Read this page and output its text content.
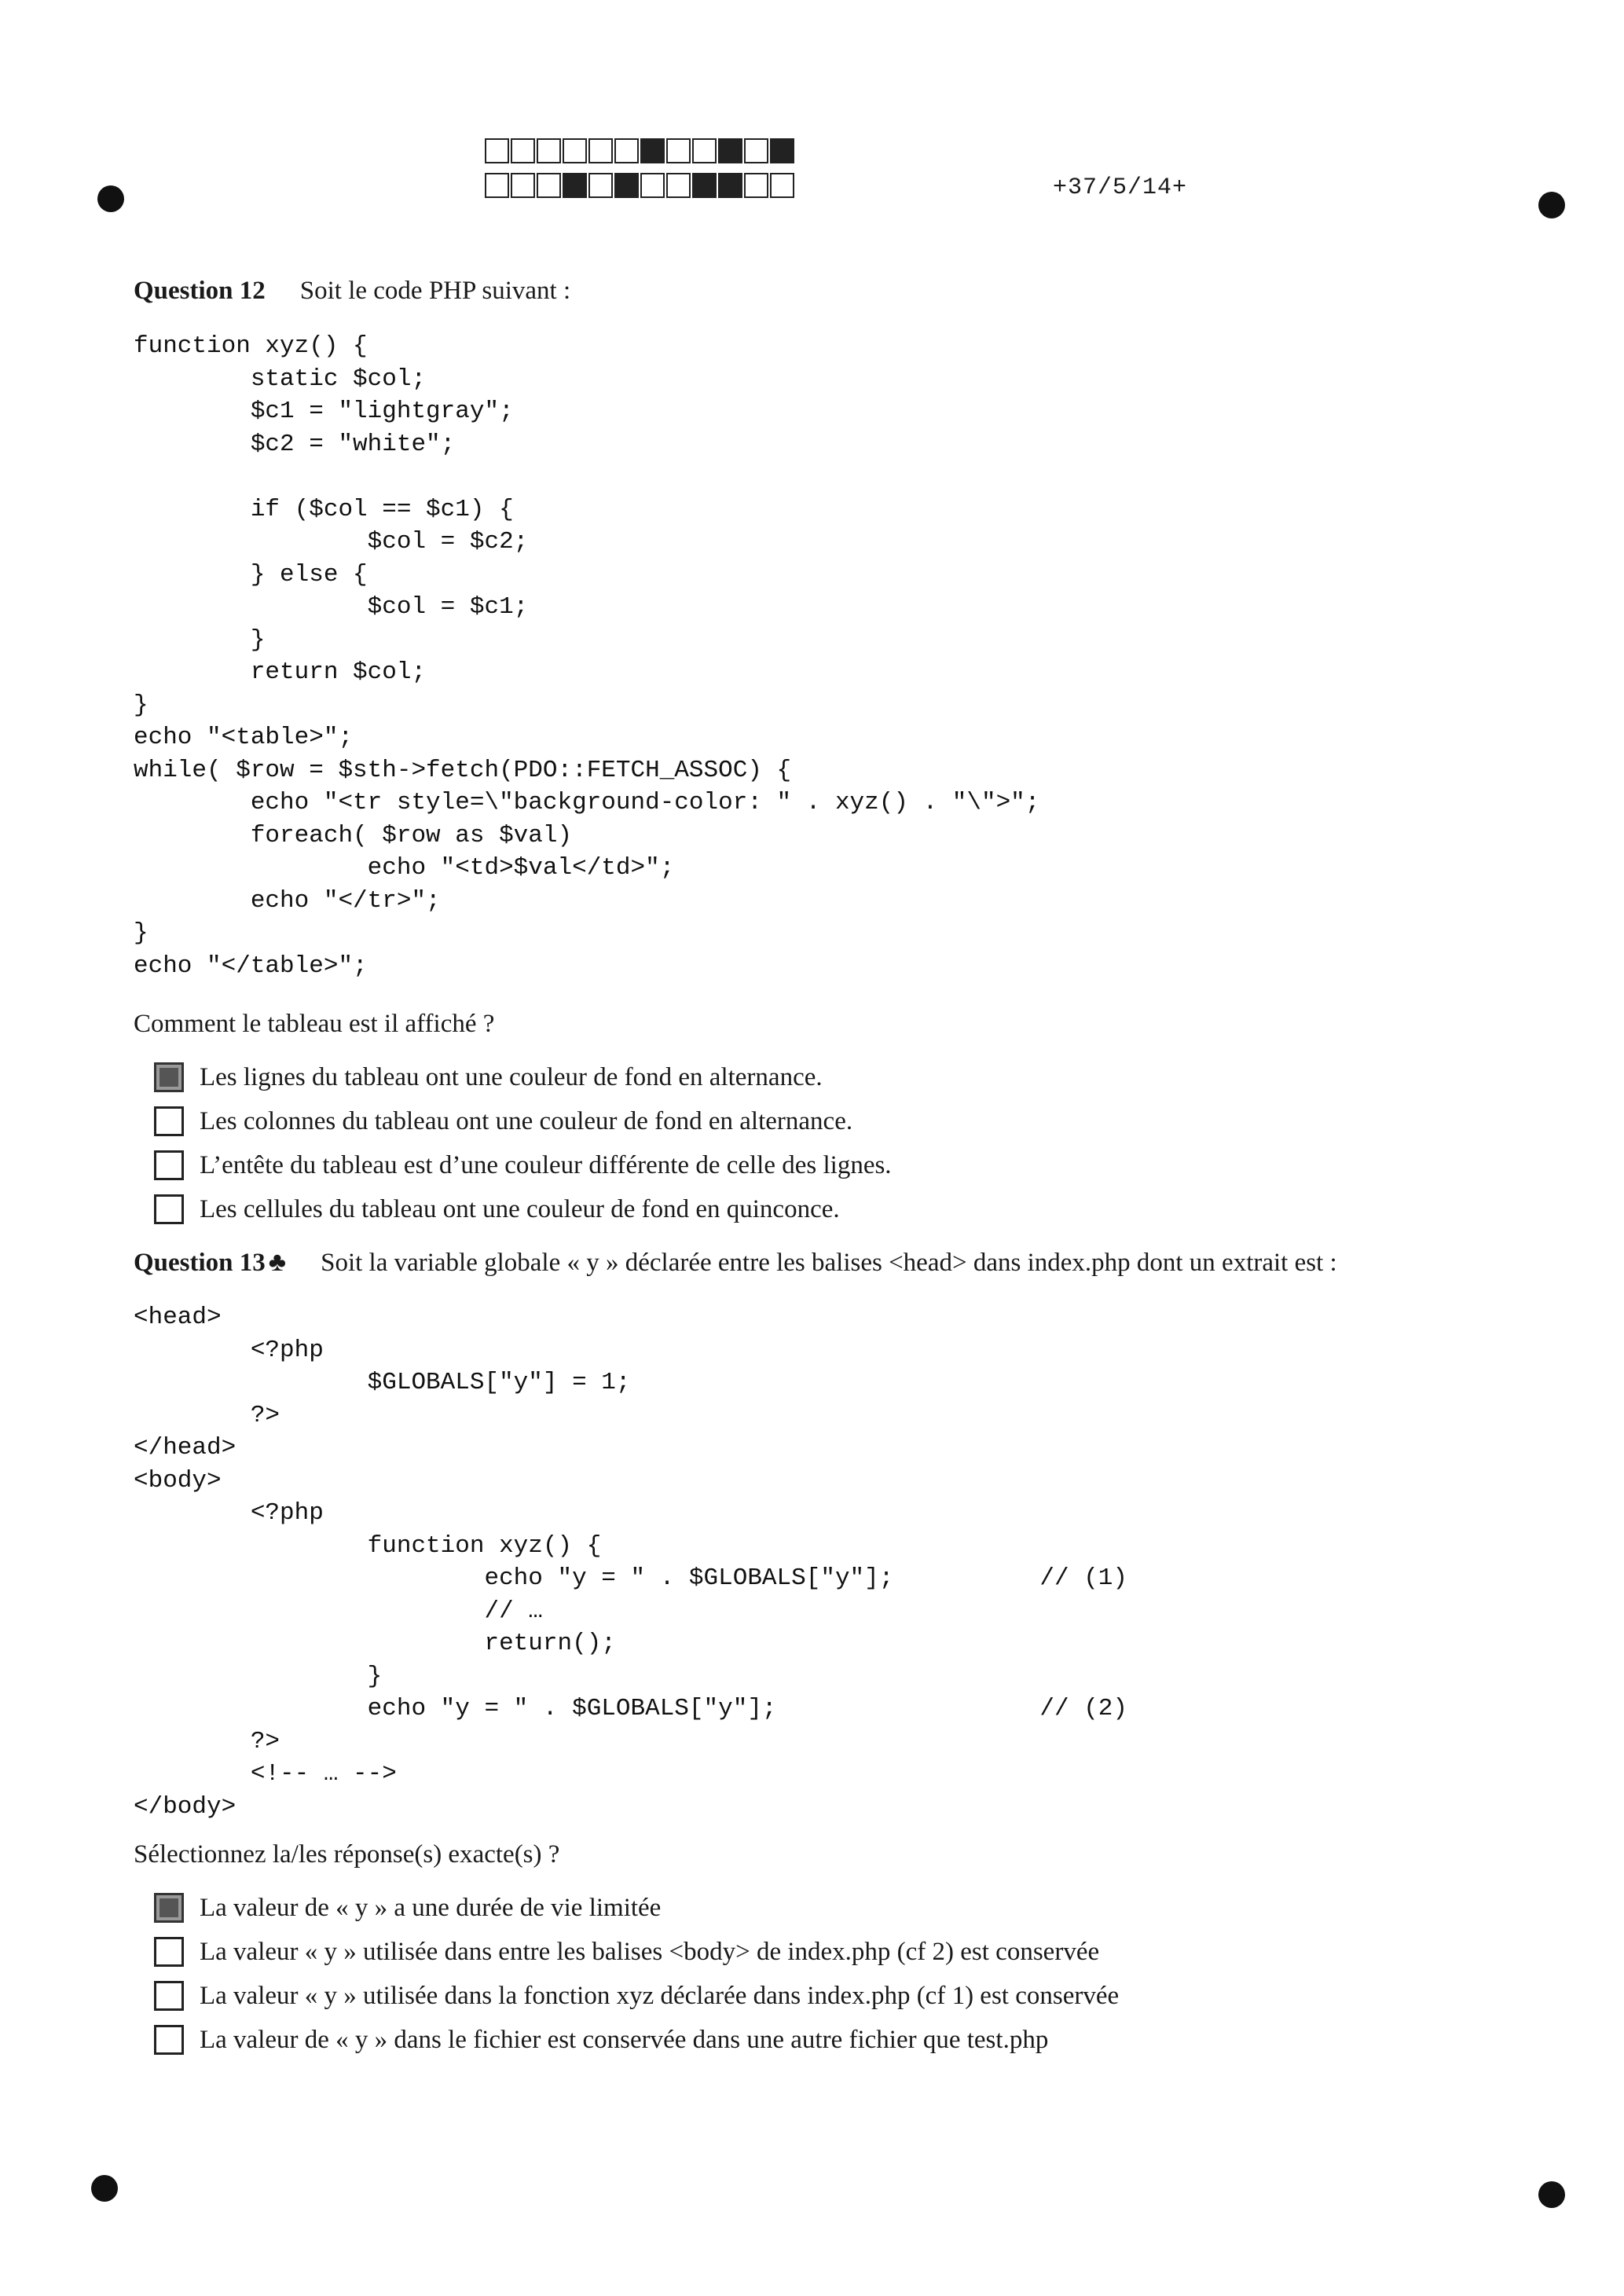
+37/5/14+
Question 12 Soit le code PHP suivant :
function xyz() {
static $col;
$c1 = "lightgray";
$c2 = "white";

if ($col == $c1) {
$col = $c2;
} else {
$col = $c1;
}
return $col;
}
echo "<table>";
while( $row = $sth->fetch(PDO::FETCH_ASSOC) {
echo "<tr style=\"background-color: " . xyz() . "\">";
foreach( $row as $val)
echo "<td>$val</td>";
echo "</tr>";
}
echo "</table>";
Comment le tableau est il affiché ?
Les lignes du tableau ont une couleur de fond en alternance.
Les colonnes du tableau ont une couleur de fond en alternance.
L’entête du tableau est d’une couleur différente de celle des lignes.
Les cellules du tableau ont une couleur de fond en quinconce.
Question 13 ♣ Soit la variable globale « y » déclarée entre les balises <head> dans index.php dont un extrait est :
<head>
<?php
$GLOBALS["y"] = 1;
?>
</head>
<body>
<?php
function xyz() {
echo "y = " . $GLOBALS["y"];          // (1)
// …
return();
}
echo "y = " . $GLOBALS["y"];                  // (2)
?>
<!-- … -->
</body>
Sélectionnez la/les réponse(s) exacte(s) ?
La valeur de « y » a une durée de vie limitée
La valeur « y » utilisée dans entre les balises <body> de index.php (cf 2) est conservée
La valeur « y » utilisée dans la fonction xyz déclarée dans index.php (cf 1) est conservée
La valeur de « y » dans le fichier est conservée dans une autre fichier que test.php
